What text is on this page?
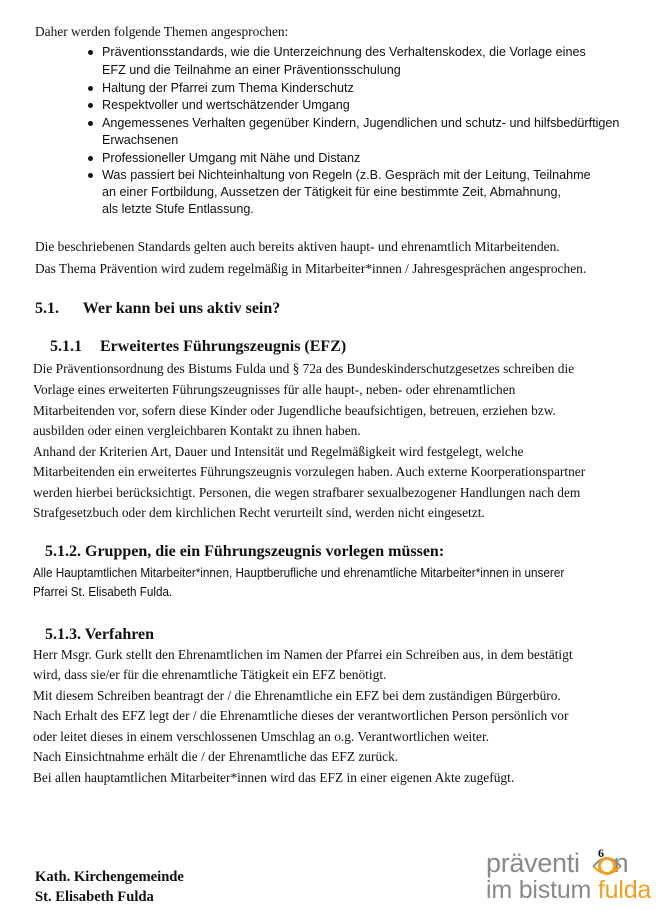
Daher werden folgende Themen angesprochen:
Präventionsstandards, wie die Unterzeichnung des Verhaltenskodex, die Vorlage eines
EFZ und die Teilnahme an einer Präventionsschulung
Haltung der Pfarrei zum Thema Kinderschutz
Respektvoller und wertschätzender Umgang
Angemessenes Verhalten gegenüber Kindern, Jugendlichen und schutz- und hilfsbedürftigen
Erwachsenen
Professioneller Umgang mit Nähe und Distanz
Was passiert bei Nichteinhaltung von Regeln (z.B. Gespräch mit der Leitung, Teilnahme
an einer Fortbildung, Aussetzen der Tätigkeit für eine bestimmte Zeit, Abmahnung,
als letzte Stufe Entlassung.
Die beschriebenen Standards gelten auch bereits aktiven haupt- und ehrenamtlich Mitarbeitenden.
Das Thema Prävention wird zudem regelmäßig in Mitarbeiter*innen / Jahresgesprächen angesprochen.
5.1. Wer kann bei uns aktiv sein?
5.1.1 Erweitertes Führungszeugnis (EFZ)
Die Präventionsordnung des Bistums Fulda und § 72a des Bundeskinderschutzgesetzes schreiben die
Vorlage eines erweiterten Führungszeugnisses für alle haupt-, neben- oder ehrenamtlichen
Mitarbeitenden vor, sofern diese Kinder oder Jugendliche beaufsichtigen, betreuen, erziehen bzw.
ausbilden oder einen vergleichbaren Kontakt zu ihnen haben.
Anhand der Kriterien Art, Dauer und Intensität und Regelmäßigkeit wird festgelegt, welche
Mitarbeitenden ein erweitertes Führungszeugnis vorzulegen haben. Auch externe Koorperationspartner
werden hierbei berücksichtigt. Personen, die wegen strafbarer sexualbezogener Handlungen nach dem
Strafgesetzbuch oder dem kirchlichen Recht verurteilt sind, werden nicht eingesetzt.
5.1.2. Gruppen, die ein Führungszeugnis vorlegen müssen:
Alle Hauptamtlichen Mitarbeiter*innen, Hauptberufliche und ehrenamtliche Mitarbeiter*innen in unserer
Pfarrei St. Elisabeth Fulda.
5.1.3. Verfahren
Herr Msgr. Gurk stellt den Ehrenamtlichen im Namen der Pfarrei ein Schreiben aus, in dem bestätigt
wird, dass sie/er für die ehrenamtliche Tätigkeit ein EFZ benötigt.
Mit diesem Schreiben beantragt der / die Ehrenamtliche ein EFZ bei dem zuständigen Bürgerbüro.
Nach Erhalt des EFZ legt der / die Ehrenamtliche dieses der verantwortlichen Person persönlich vor
oder leitet dieses in einem verschlossenen Umschlag an o.g. Verantwortlichen weiter.
Nach Einsichtnahme erhält die / der Ehrenamtliche das EFZ zurück.
Bei allen hauptamtlichen Mitarbeiter*innen wird das EFZ in einer eigenen Akte zugefügt.
Kath. Kirchengemeinde
St. Elisabeth Fulda
6
präventi n
im bistum fulda
